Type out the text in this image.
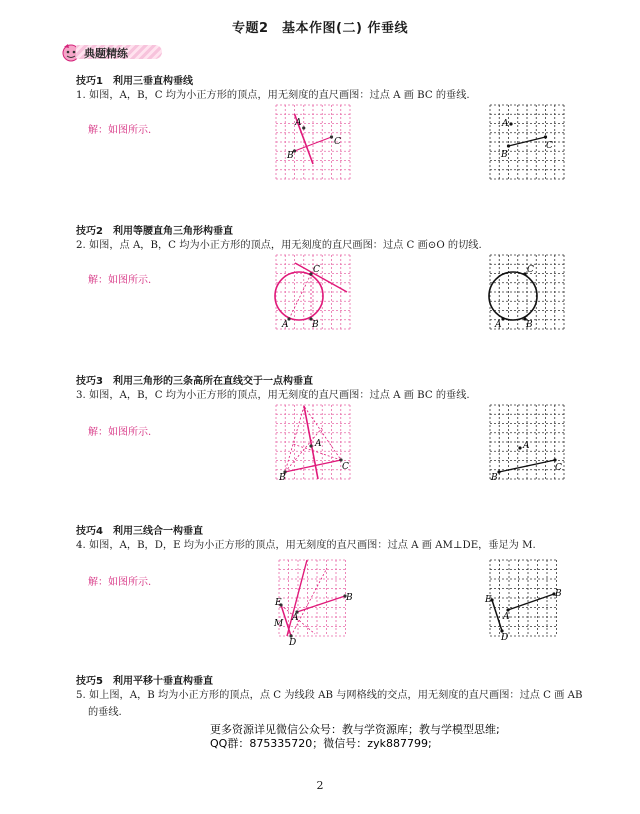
专题2　基本作图(二) 作垂线
典题精练
技巧1　利用三垂直构垂线
1. 如图，A，B，C 均为小正方形的顶点，用无刻度的直尺画图：过点 A 画 BC 的垂线.
解：如图所示.
A
B
C
A
B
C
技巧2　利用等腰直角三角形构垂直
2. 如图，点 A，B，C 均为小正方形的顶点，用无刻度的直尺画图：过点 C 画⊙O 的切线.
解：如图所示.
C
A	B
C
A	B
技巧3　利用三角形的三条高所在直线交于一点构垂直
3. 如图，A，B，C 均为小正方形的顶点，用无刻度的直尺画图：过点 A 画 BC 的垂线.
解：如图所示.
A
B
C
A
B
C
技巧4　利用三线合一构垂直
4. 如图，A，B，D，E 均为小正方形的顶点，用无刻度的直尺画图：过点 A 画 AM⊥DE，垂足为 M.
解：如图所示.
E
M
A
B
D
E
A
B
D
技巧5　利用平移十垂直构垂直
5. 如上图，A，B 均为小正方形的顶点，点 C 为线段 AB 与网格线的交点，用无刻度的直尺画图：过点 C 画 AB
的垂线.
更多资源详见微信公众号：教与学资源库；教与学模型思维;
QQ群：875335720；微信号：zyk887799;
2
